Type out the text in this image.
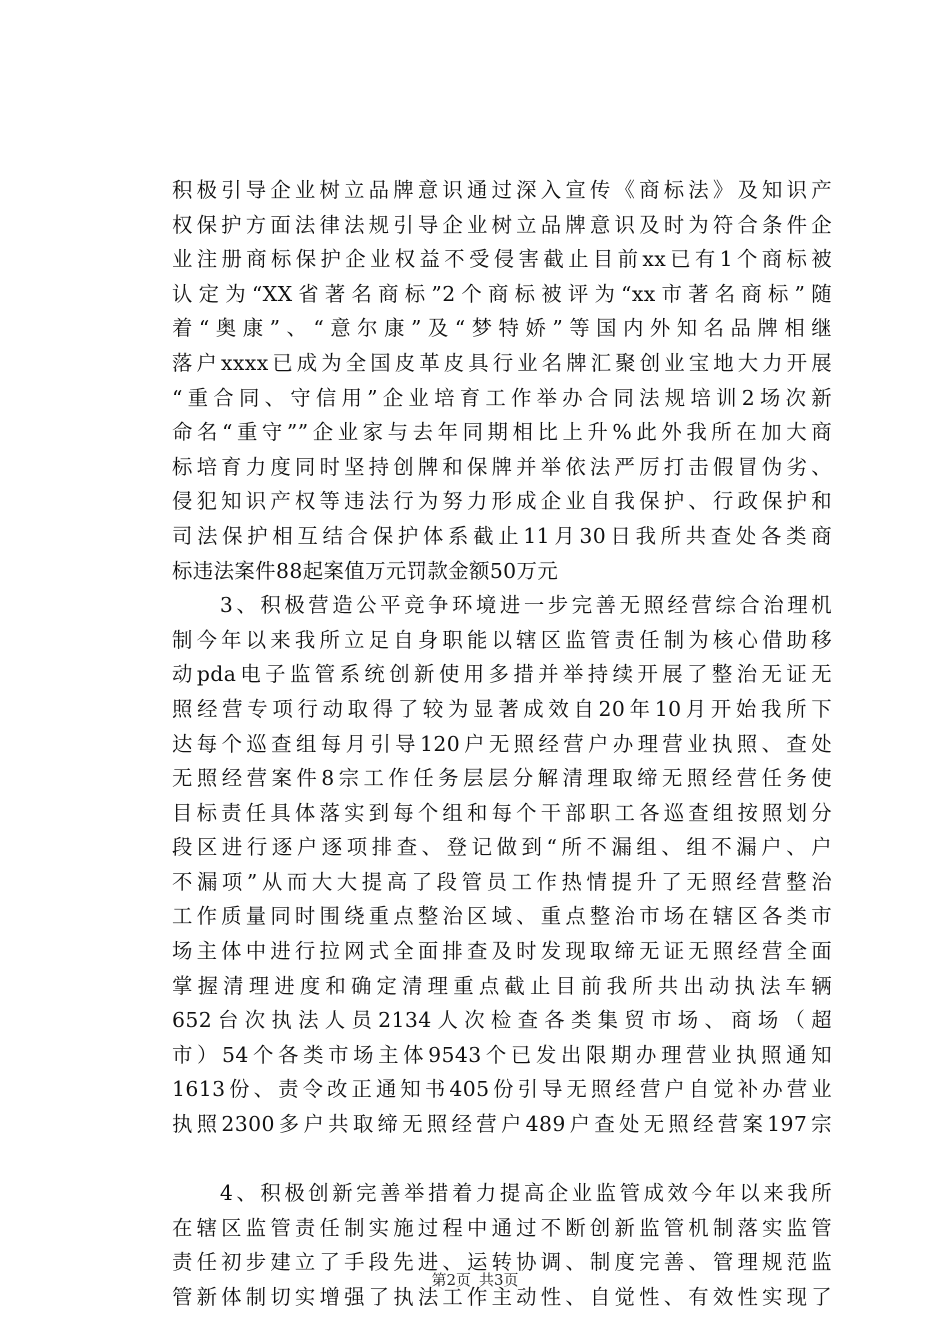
积极引导企业树立品牌意识通过深入宣传《商标法》及知识产
权保护方面法律法规引导企业树立品牌意识及时为符合条件企
业注册商标保护企业权益不受侵害截止目前xx已有1个商标被
认定为“XX省著名商标”2个商标被评为“xx市著名商标”随
着“奥康”、“意尔康”及“梦特娇”等国内外知名品牌相继
落户xxxx已成为全国皮革皮具行业名牌汇聚创业宝地大力开展
“重合同、守信用”企业培育工作举办合同法规培训2场次新
命名“重守””企业家与去年同期相比上升%此外我所在加大商
标培育力度同时坚持创牌和保牌并举依法严厉打击假冒伪劣、
侵犯知识产权等违法行为努力形成企业自我保护、行政保护和
司法保护相互结合保护体系截止11月30日我所共查处各类商
标违法案件88起案值万元罚款金额50万元
　　3、积极营造公平竞争环境进一步完善无照经营综合治理机
制今年以来我所立足自身职能以辖区监管责任制为核心借助移
动pda电子监管系统创新使用多措并举持续开展了整治无证无
照经营专项行动取得了较为显著成效自20年10月开始我所下
达每个巡查组每月引导120户无照经营户办理营业执照、查处
无照经营案件8宗工作任务层层分解清理取缔无照经营任务使
目标责任具体落实到每个组和每个干部职工各巡查组按照划分
段区进行逐户逐项排查、登记做到“所不漏组、组不漏户、户
不漏项”从而大大提高了段管员工作热情提升了无照经营整治
工作质量同时围绕重点整治区域、重点整治市场在辖区各类市
场主体中进行拉网式全面排查及时发现取缔无证无照经营全面
掌握清理进度和确定清理重点截止目前我所共出动执法车辆
652台次执法人员2134人次检查各类集贸市场、商场（超
市）54个各类市场主体9543个已发出限期办理营业执照通知
1613份、责令改正通知书405份引导无照经营户自觉补办营业
执照2300多户共取缔无照经营户489户查处无照经营案197宗
　　4、积极创新完善举措着力提高企业监管成效今年以来我所
在辖区监管责任制实施过程中通过不断创新监管机制落实监管
责任初步建立了手段先进、运转协调、制度完善、管理规范监
管新体制切实增强了执法工作主动性、自觉性、有效性实现了
第2页 共3页
